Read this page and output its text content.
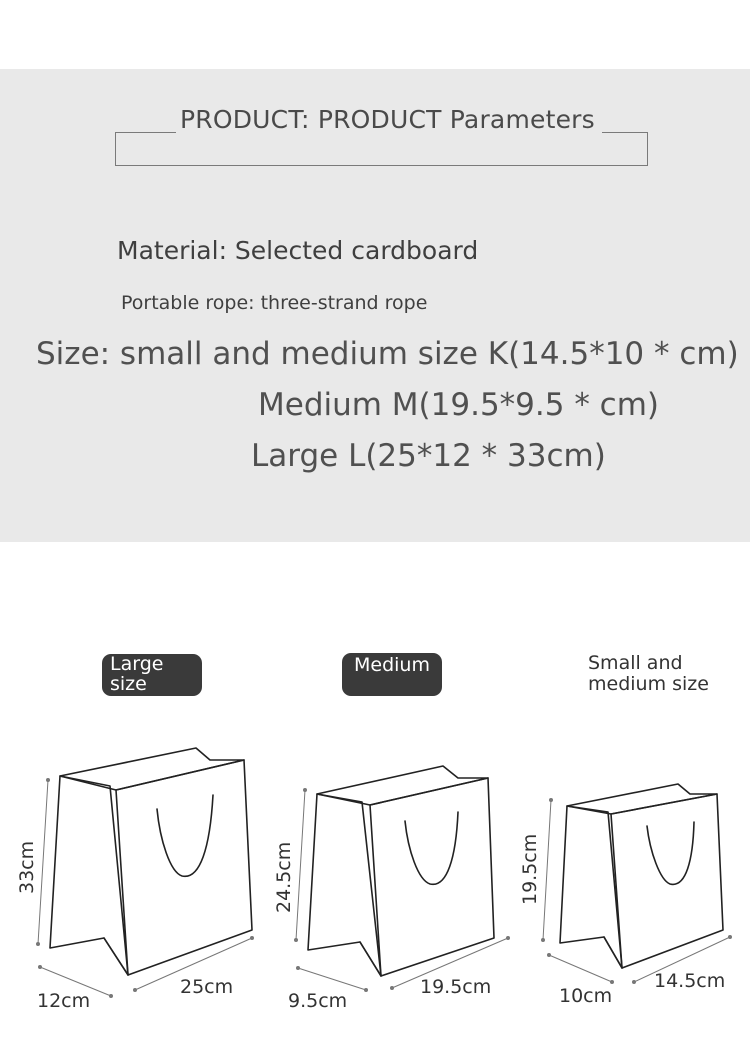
PRODUCT: PRODUCT Parameters
Material: Selected cardboard
Portable rope: three-strand rope
Size: small and medium size K(14.5*10 * cm)
Medium M(19.5*9.5 * cm)
Large L(25*12 * 33cm)
Large size
Medium	Small and medium size
33cm
25cm
12cm
24.5cm
19.5cm
9.5cm
19.5cm
14.5cm
10cm
